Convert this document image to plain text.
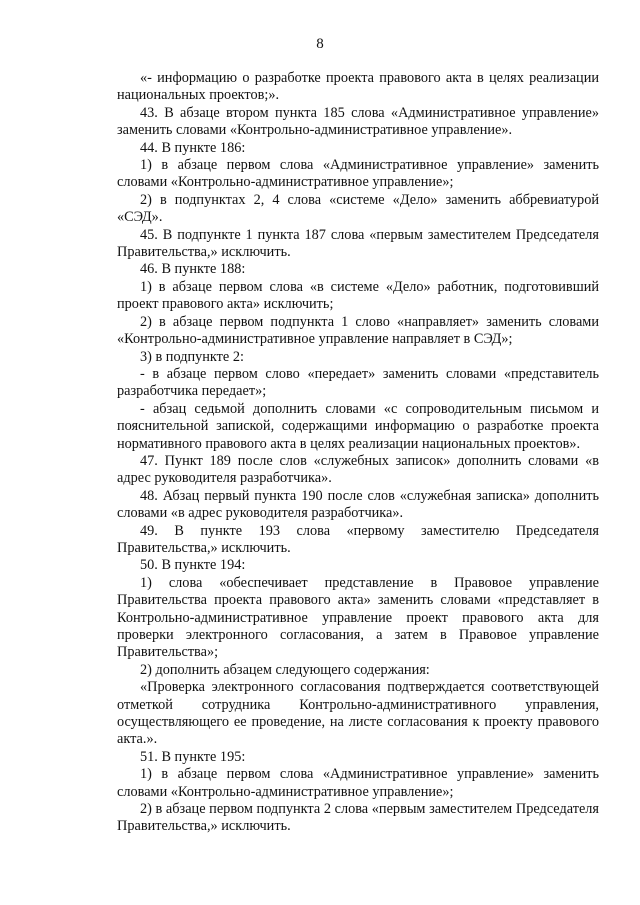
8

«- информацию о разработке проекта правового акта в целях реализации национальных проектов;».

43. В абзаце втором пункта 185 слова «Административное управление» заменить словами «Контрольно-административное управление».

44. В пункте 186:

1) в абзаце первом слова «Административное управление» заменить словами «Контрольно-административное управление»;

2) в подпунктах 2, 4 слова «системе «Дело» заменить аббревиатурой «СЭД».

45. В подпункте 1 пункта 187 слова «первым заместителем Председателя Правительства,» исключить.

46. В пункте 188:

1) в абзаце первом слова «в системе «Дело» работник, подготовивший проект правового акта» исключить;

2) в абзаце первом подпункта 1 слово «направляет» заменить словами «Контрольно-административное управление направляет в СЭД»;

3) в подпункте 2:

- в абзаце первом слово «передает» заменить словами «представитель разработчика передает»;

- абзац седьмой дополнить словами «с сопроводительным письмом и пояснительной запиской, содержащими информацию о разработке проекта нормативного правового акта в целях реализации национальных проектов».

47. Пункт 189 после слов «служебных записок» дополнить словами «в адрес руководителя разработчика».

48. Абзац первый пункта 190 после слов «служебная записка» дополнить словами «в адрес руководителя разработчика».

49. В пункте 193 слова «первому заместителю Председателя Правительства,» исключить.

50. В пункте 194:

1) слова «обеспечивает представление в Правовое управление Правительства проекта правового акта» заменить словами «представляет в Контрольно-административное управление проект правового акта для проверки электронного согласования, а затем в Правовое управление Правительства»;

2) дополнить абзацем следующего содержания:

«Проверка электронного согласования подтверждается соответствующей отметкой сотрудника Контрольно-административного управления, осуществляющего ее проведение, на листе согласования к проекту правового акта.».

51. В пункте 195:

1) в абзаце первом слова «Административное управление» заменить словами «Контрольно-административное управление»;

2) в абзаце первом подпункта 2 слова «первым заместителем Председателя Правительства,» исключить.
